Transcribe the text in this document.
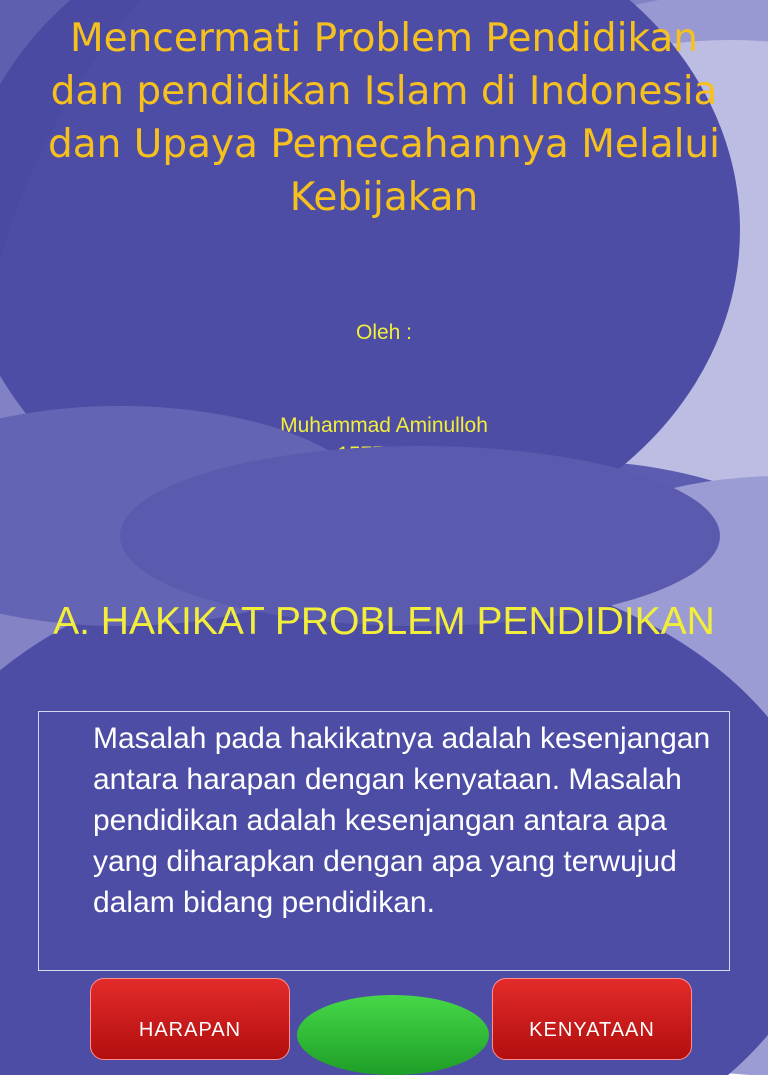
Mencermati Problem Pendidikan dan pendidikan Islam di Indonesia dan Upaya Pemecahannya Melalui Kebijakan

Oleh :

Muhammad Aminulloh

A. HAKIKAT PROBLEM PENDIDIKAN

Masalah pada hakikatnya adalah kesenjangan antara harapan dengan kenyataan. Masalah pendidikan adalah kesenjangan antara apa yang diharapkan dengan apa yang terwujud dalam bidang pendidikan.

HARAPAN	KENYATAAN
